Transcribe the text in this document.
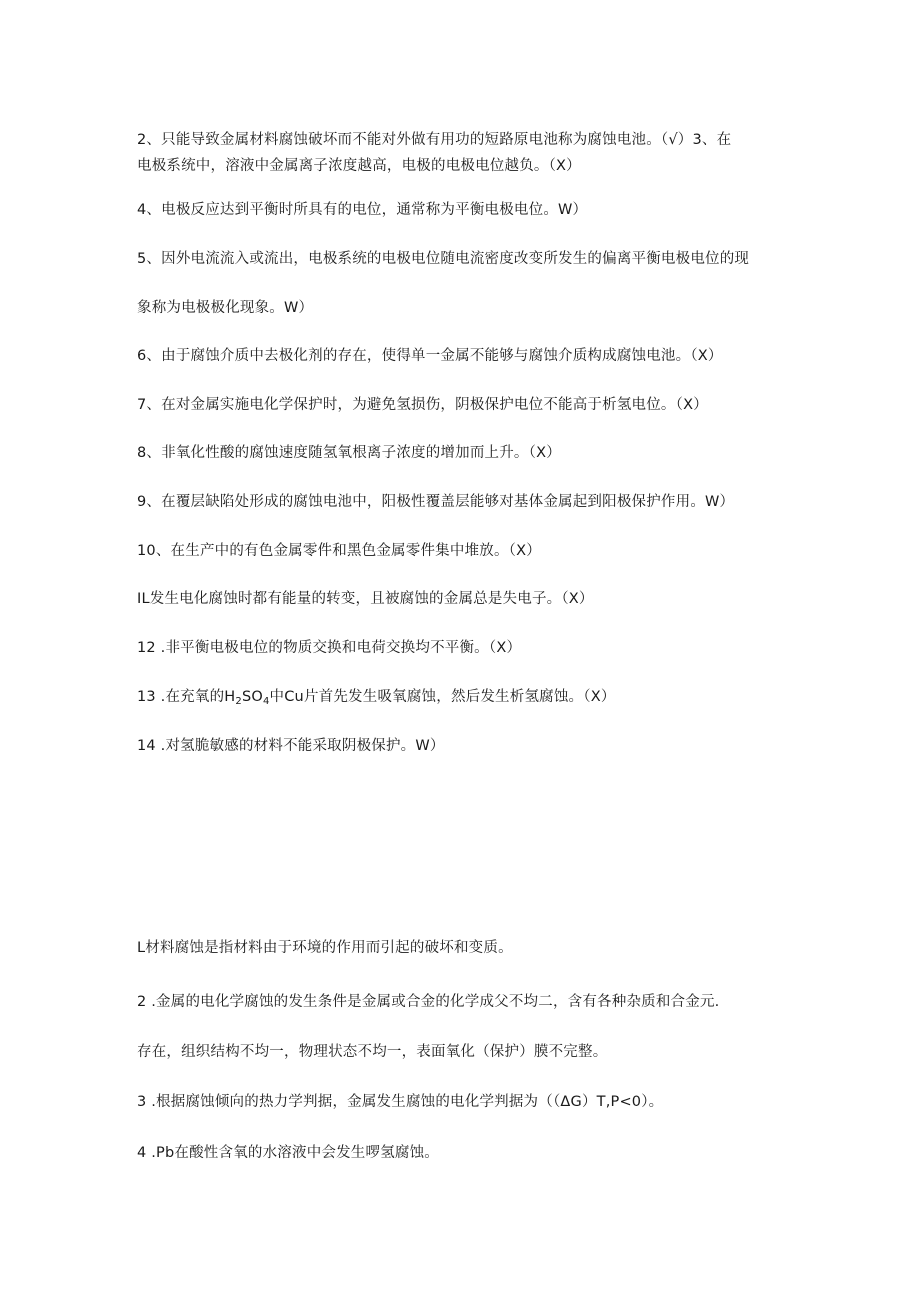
2、只能导致金属材料腐蚀破坏而不能对外做有用功的短路原电池称为腐蚀电池。（√）3、在
电极系统中，溶液中金属离子浓度越高，电极的电极电位越负。（X）
4、电极反应达到平衡时所具有的电位，通常称为平衡电极电位。W）
5、因外电流流入或流出，电极系统的电极电位随电流密度改变所发生的偏离平衡电极电位的现
象称为电极极化现象。W）
6、由于腐蚀介质中去极化剂的存在，使得单一金属不能够与腐蚀介质构成腐蚀电池。（X）
7、在对金属实施电化学保护时，为避免氢损伤，阴极保护电位不能高于析氢电位。（X）
8、非氧化性酸的腐蚀速度随氢氧根离子浓度的增加而上升。（X）
9、在覆层缺陷处形成的腐蚀电池中，阳极性覆盖层能够对基体金属起到阳极保护作用。W）
10、在生产中的有色金属零件和黑色金属零件集中堆放。（X）
IL发生电化腐蚀时都有能量的转变，且被腐蚀的金属总是失电子。（X）
12 .非平衡电极电位的物质交换和电荷交换均不平衡。（X）
13 .在充氧的$H_2SO_4$中Cu片首先发生吸氧腐蚀，然后发生析氢腐蚀。（X）
14 .对氢脆敏感的材料不能采取阴极保护。W）
L材料腐蚀是指材料由于环境的作用而引起的破坏和变质。
2 .金属的电化学腐蚀的发生条件是金属或合金的化学成父不均二，含有各种杂质和合金元.
存在，组织结构不均一，物理状态不均一，表面氧化（保护）膜不完整。
3 .根据腐蚀倾向的热力学判据，金属发生腐蚀的电化学判据为（（ΔG）T,P<0）。
4 .Pb在酸性含氧的水溶液中会发生啰氢腐蚀。
